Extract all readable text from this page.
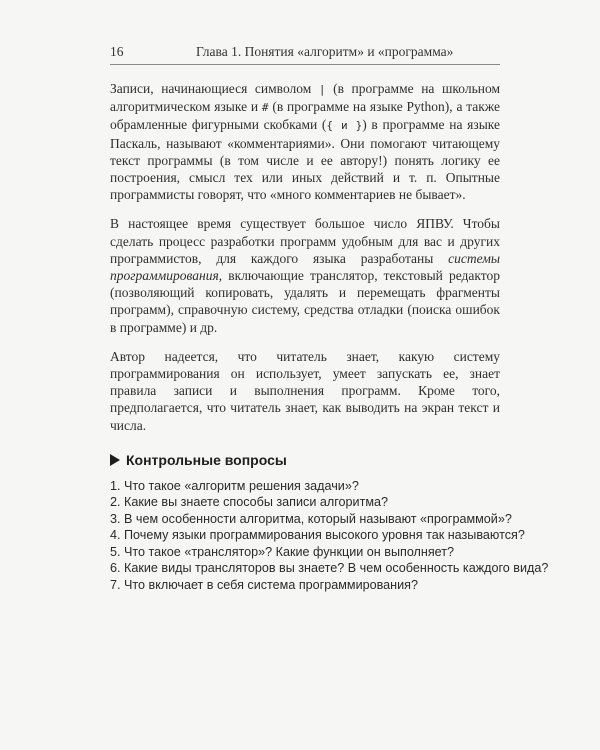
16	Глава 1. Понятия «алгоритм» и «программа»

Записи, начинающиеся символом | (в программе на школьном алгоритмическом языке и # (в программе на языке Python), а также обрамленные фигурными скобками ({ и }) в программе на языке Паскаль, называют «комментариями». Они помогают читающему текст программы (в том числе и ее автору!) понять логику ее построения, смысл тех или иных действий и т. п. Опытные программисты говорят, что «много комментариев не бывает».

В настоящее время существует большое число ЯПВУ. Чтобы сделать процесс разработки программ удобным для вас и других программистов, для каждого языка разработаны системы программирования, включающие транслятор, текстовый редактор (позволяющий копировать, удалять и перемещать фрагменты программ), справочную систему, средства отладки (поиска ошибок в программе) и др.

Автор надеется, что читатель знает, какую систему программирования он использует, умеет запускать ее, знает правила записи и выполнения программ. Кроме того, предполагается, что читатель знает, как выводить на экран текст и числа.

Контрольные вопросы

1. Что такое «алгоритм решения задачи»?

2. Какие вы знаете способы записи алгоритма?

3. В чем особенности алгоритма, который называют «программой»?

4. Почему языки программирования высокого уровня так называются?

5. Что такое «транслятор»? Какие функции он выполняет?

6. Какие виды трансляторов вы знаете? В чем особенность каждого вида?

7. Что включает в себя система программирования?
